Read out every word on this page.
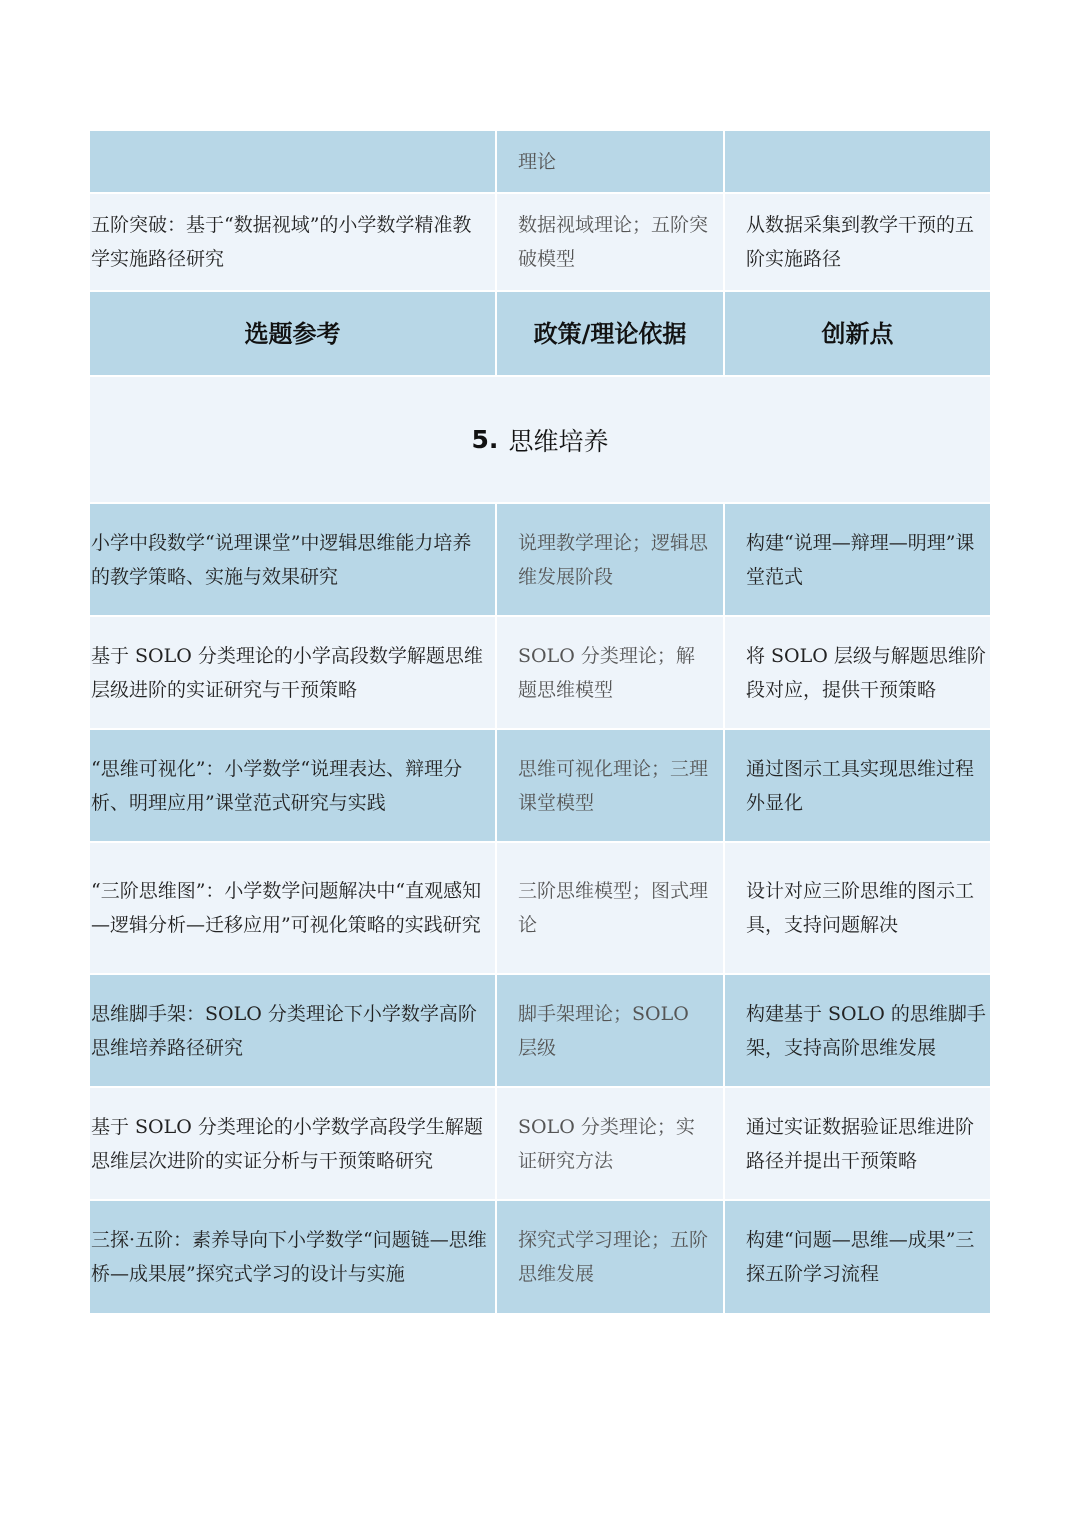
理论
五阶突破：基于“数据视域”的小学数学精准教学实施路径研究
数据视域理论；五阶突破模型
从数据采集到教学干预的五阶实施路径
选题参考	政策/理论依据	创新点
5. 思维培养
小学中段数学“说理课堂”中逻辑思维能力培养的教学策略、实施与效果研究
说理教学理论；逻辑思维发展阶段
构建“说理—辩理—明理”课堂范式
基于 SOLO 分类理论的小学高段数学解题思维层级进阶的实证研究与干预策略
SOLO 分类理论；解题思维模型
将 SOLO 层级与解题思维阶段对应，提供干预策略
“思维可视化”：小学数学“说理表达、辩理分析、明理应用”课堂范式研究与实践
思维可视化理论；三理课堂模型
通过图示工具实现思维过程外显化
“三阶思维图”：小学数学问题解决中“直观感知—逻辑分析—迁移应用”可视化策略的实践研究
三阶思维模型；图式理论
设计对应三阶思维的图示工具，支持问题解决
思维脚手架：SOLO 分类理论下小学数学高阶思维培养路径研究
脚手架理论；SOLO 层级
构建基于 SOLO 的思维脚手架，支持高阶思维发展
基于 SOLO 分类理论的小学数学高段学生解题思维层次进阶的实证分析与干预策略研究
SOLO 分类理论；实证研究方法
通过实证数据验证思维进阶路径并提出干预策略
三探·五阶：素养导向下小学数学“问题链—思维桥—成果展”探究式学习的设计与实施
探究式学习理论；五阶思维发展
构建“问题—思维—成果”三探五阶学习流程
